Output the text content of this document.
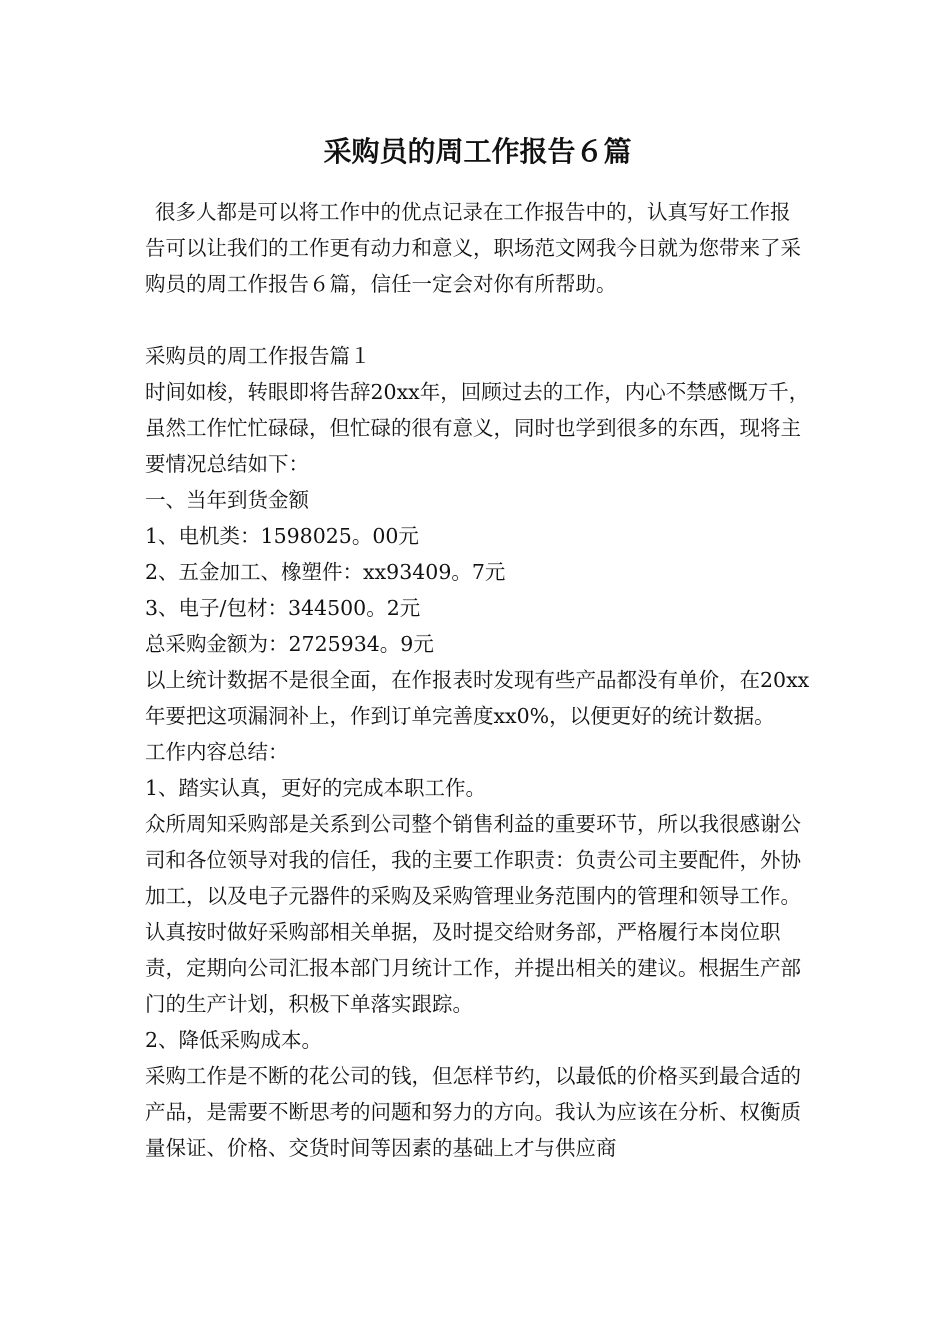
采购员的周工作报告６篇

很多人都是可以将工作中的优点记录在工作报告中的，认真写好工作报告可以让我们的工作更有动力和意义，职场范文网我今日就为您带来了采购员的周工作报告６篇，信任一定会对你有所帮助。

采购员的周工作报告篇１

时间如梭，转眼即将告辞20xx年，回顾过去的工作，内心不禁感慨万千，虽然工作忙忙碌碌，但忙碌的很有意义，同时也学到很多的东西，现将主要情况总结如下：

一、当年到货金额

1、电机类：1598025。00元

2、五金加工、橡塑件：xx93409。7元

3、电子/包材：344500。2元

总采购金额为：2725934。9元

以上统计数据不是很全面，在作报表时发现有些产品都没有单价，在20xx年要把这项漏洞补上，作到订单完善度xx0%，以便更好的统计数据。

工作内容总结：

1、踏实认真，更好的完成本职工作。

众所周知采购部是关系到公司整个销售利益的重要环节，所以我很感谢公司和各位领导对我的信任，我的主要工作职责：负责公司主要配件，外协加工，以及电子元器件的采购及采购管理业务范围内的管理和领导工作。认真按时做好采购部相关单据，及时提交给财务部，严格履行本岗位职责，定期向公司汇报本部门月统计工作，并提出相关的建议。根据生产部门的生产计划，积极下单落实跟踪。

2、降低采购成本。

采购工作是不断的花公司的钱，但怎样节约，以最低的价格买到最合适的产品，是需要不断思考的问题和努力的方向。我认为应该在分析、权衡质量保证、价格、交货时间等因素的基础上才与供应商
